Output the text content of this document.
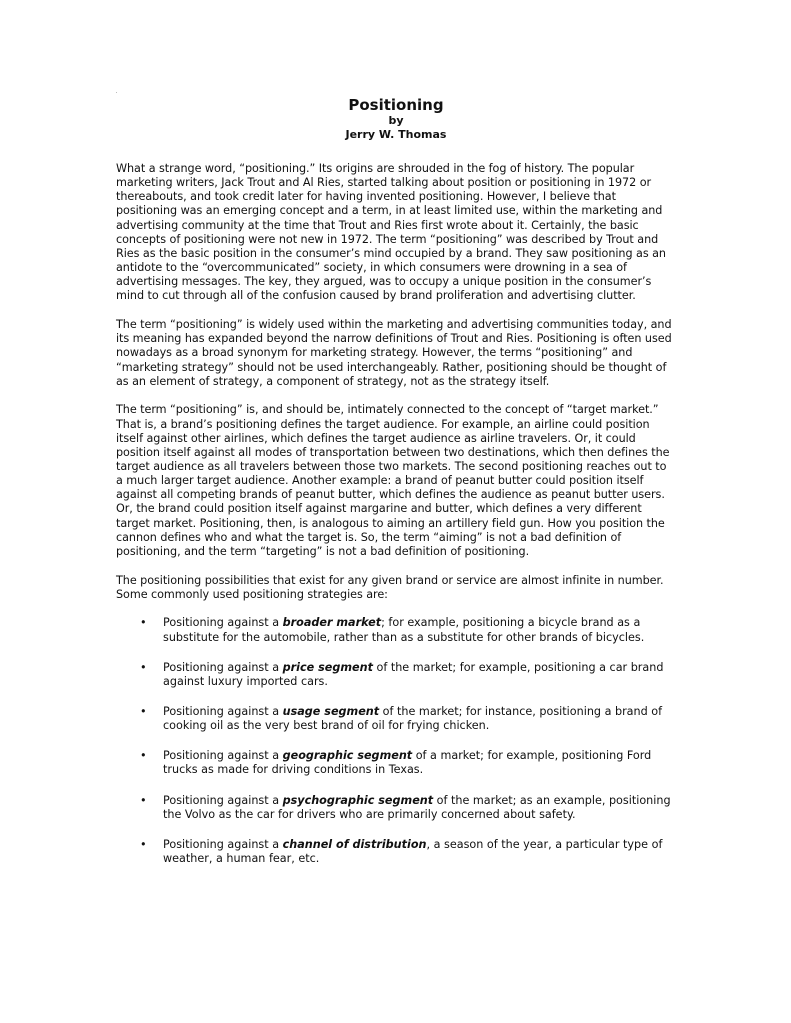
Positioning
by
Jerry W. Thomas

What a strange word, “positioning.” Its origins are shrouded in the fog of history. The popular marketing writers, Jack Trout and Al Ries, started talking about position or positioning in 1972 or thereabouts, and took credit later for having invented positioning. However, I believe that positioning was an emerging concept and a term, in at least limited use, within the marketing and advertising community at the time that Trout and Ries first wrote about it. Certainly, the basic concepts of positioning were not new in 1972. The term “positioning” was described by Trout and Ries as the basic position in the consumer’s mind occupied by a brand. They saw positioning as an antidote to the “overcommunicated” society, in which consumers were drowning in a sea of advertising messages. The key, they argued, was to occupy a unique position in the consumer’s mind to cut through all of the confusion caused by brand proliferation and advertising clutter.

The term “positioning” is widely used within the marketing and advertising communities today, and its meaning has expanded beyond the narrow definitions of Trout and Ries. Positioning is often used nowadays as a broad synonym for marketing strategy. However, the terms “positioning” and “marketing strategy” should not be used interchangeably. Rather, positioning should be thought of as an element of strategy, a component of strategy, not as the strategy itself.

The term “positioning” is, and should be, intimately connected to the concept of “target market.” That is, a brand’s positioning defines the target audience. For example, an airline could position itself against other airlines, which defines the target audience as airline travelers. Or, it could position itself against all modes of transportation between two destinations, which then defines the target audience as all travelers between those two markets. The second positioning reaches out to a much larger target audience. Another example: a brand of peanut butter could position itself against all competing brands of peanut butter, which defines the audience as peanut butter users. Or, the brand could position itself against margarine and butter, which defines a very different target market. Positioning, then, is analogous to aiming an artillery field gun. How you position the cannon defines who and what the target is. So, the term “aiming” is not a bad definition of positioning, and the term “targeting” is not a bad definition of positioning.

The positioning possibilities that exist for any given brand or service are almost infinite in number. Some commonly used positioning strategies are:

• Positioning against a broader market; for example, positioning a bicycle brand as a substitute for the automobile, rather than as a substitute for other brands of bicycles.
• Positioning against a price segment of the market; for example, positioning a car brand against luxury imported cars.
• Positioning against a usage segment of the market; for instance, positioning a brand of cooking oil as the very best brand of oil for frying chicken.
• Positioning against a geographic segment of a market; for example, positioning Ford trucks as made for driving conditions in Texas.
• Positioning against a psychographic segment of the market; as an example, positioning the Volvo as the car for drivers who are primarily concerned about safety.
• Positioning against a channel of distribution, a season of the year, a particular type of weather, a human fear, etc.
